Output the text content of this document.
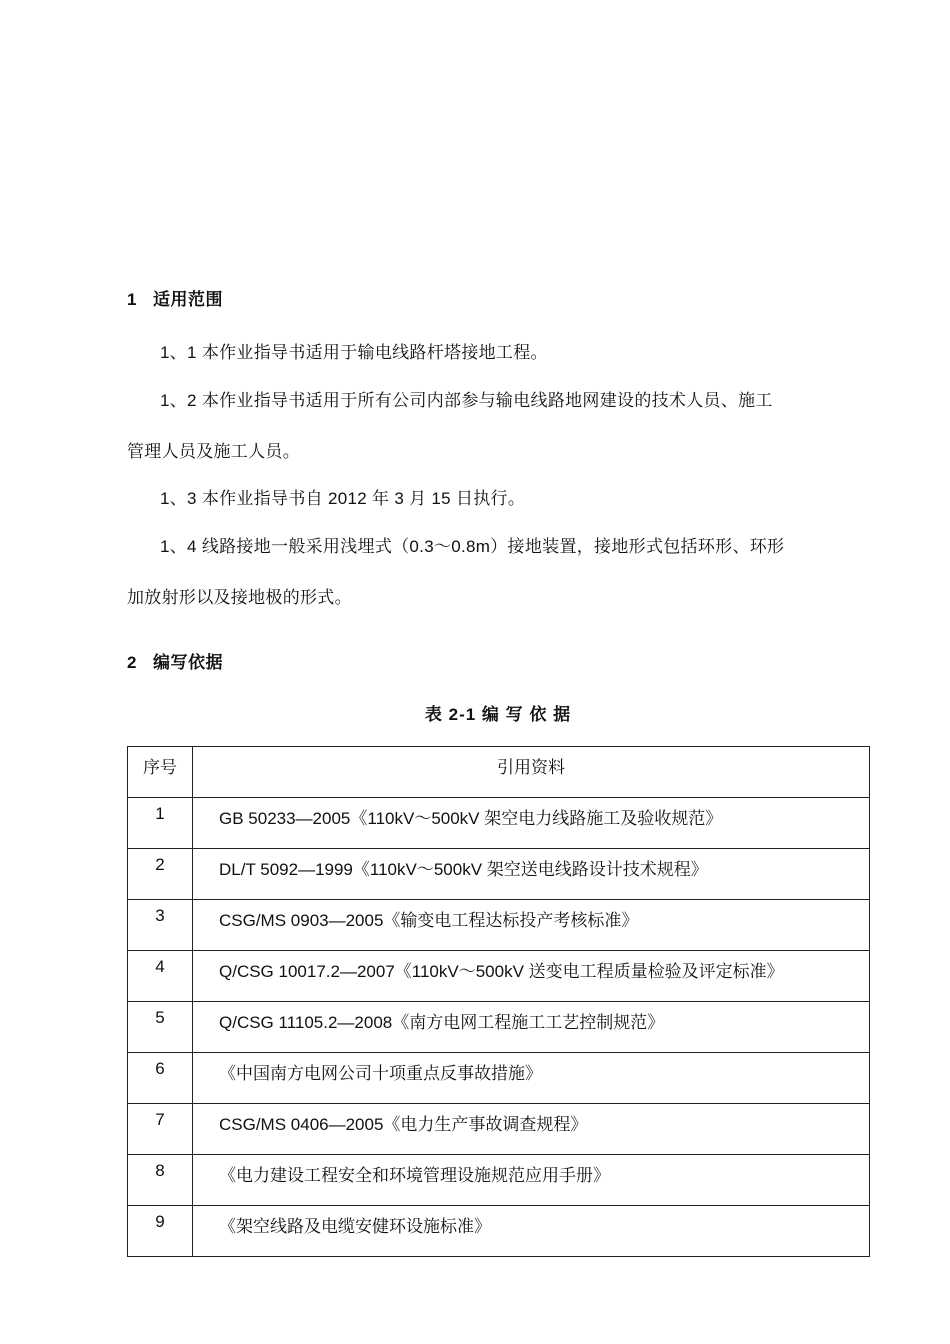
1 适用范围
1、1 本作业指导书适用于输电线路杆塔接地工程。
1、2 本作业指导书适用于所有公司内部参与输电线路地网建设的技术人员、施工
管理人员及施工人员。
1、3 本作业指导书自 2012 年 3 月 15 日执行。
1、4 线路接地一般采用浅埋式（0.3～0.8m）接地装置，接地形式包括环形、环形
加放射形以及接地极的形式。
2 编写依据
表 2-1 编 写 依 据
序号	引用资料
1	GB 50233—2005《110kV～500kV 架空电力线路施工及验收规范》
2	DL/T 5092—1999《110kV～500kV 架空送电线路设计技术规程》
3	CSG/MS 0903—2005《输变电工程达标投产考核标准》
4	Q/CSG 10017.2—2007《110kV～500kV 送变电工程质量检验及评定标准》
5	Q/CSG 11105.2—2008《南方电网工程施工工艺控制规范》
6	《中国南方电网公司十项重点反事故措施》
7	CSG/MS 0406—2005《电力生产事故调查规程》
8	《电力建设工程安全和环境管理设施规范应用手册》
9	《架空线路及电缆安健环设施标准》
